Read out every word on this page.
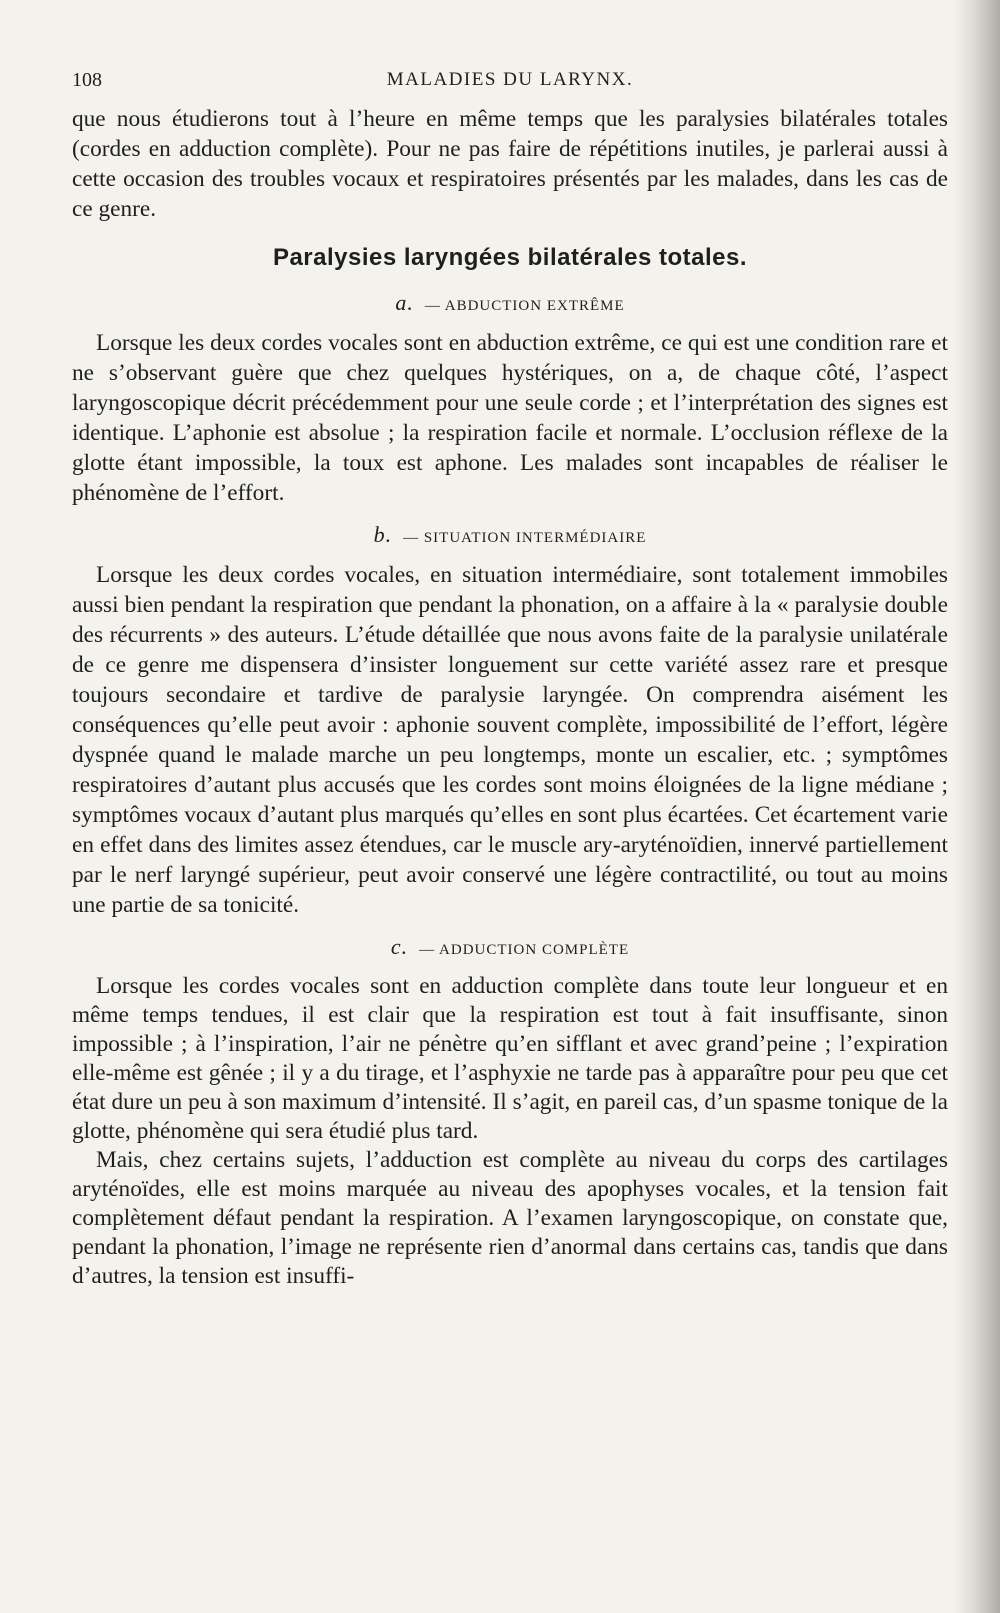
108	MALADIES DU LARYNX.

que nous étudierons tout à l’heure en même temps que les paralysies bilatérales totales (cordes en adduction complète). Pour ne pas faire de répétitions inutiles, je parlerai aussi à cette occasion des troubles vocaux et respiratoires présentés par les malades, dans les cas de ce genre.

Paralysies laryngées bilatérales totales.
a. — ABDUCTION EXTRÊME

Lorsque les deux cordes vocales sont en abduction extrême, ce qui est une condition rare et ne s’observant guère que chez quelques hystériques, on a, de chaque côté, l’aspect laryngoscopique décrit précédemment pour une seule corde ; et l’interprétation des signes est identique. L’aphonie est absolue ; la respiration facile et normale. L’occlusion réflexe de la glotte étant impossible, la toux est aphone. Les malades sont incapables de réaliser le phénomène de l’effort.

b. — SITUATION INTERMÉDIAIRE

Lorsque les deux cordes vocales, en situation intermédiaire, sont totalement immobiles aussi bien pendant la respiration que pendant la phonation, on a affaire à la « paralysie double des récurrents » des auteurs. L’étude détaillée que nous avons faite de la paralysie unilatérale de ce genre me dispensera d’insister longuement sur cette variété assez rare et presque toujours secondaire et tardive de paralysie laryngée. On comprendra aisément les conséquences qu’elle peut avoir : aphonie souvent complète, impossibilité de l’effort, légère dyspnée quand le malade marche un peu longtemps, monte un escalier, etc. ; symptômes respiratoires d’autant plus accusés que les cordes sont moins éloignées de la ligne médiane ; symptômes vocaux d’autant plus marqués qu’elles en sont plus écartées. Cet écartement varie en effet dans des limites assez étendues, car le muscle ary-aryténoïdien, innervé partiellement par le nerf laryngé supérieur, peut avoir conservé une légère contractilité, ou tout au moins une partie de sa tonicité.

c. — ADDUCTION COMPLÈTE

Lorsque les cordes vocales sont en adduction complète dans toute leur longueur et en même temps tendues, il est clair que la respiration est tout à fait insuffisante, sinon impossible ; à l’inspiration, l’air ne pénètre qu’en sifflant et avec grand’peine ; l’expiration elle-même est gênée ; il y a du tirage, et l’asphyxie ne tarde pas à apparaître pour peu que cet état dure un peu à son maximum d’intensité. Il s’agit, en pareil cas, d’un spasme tonique de la glotte, phénomène qui sera étudié plus tard.

Mais, chez certains sujets, l’adduction est complète au niveau du corps des cartilages aryténoïdes, elle est moins marquée au niveau des apophyses vocales, et la tension fait complètement défaut pendant la respiration. A l’examen laryngoscopique, on constate que, pendant la phonation, l’image ne représente rien d’anormal dans certains cas, tandis que dans d’autres, la tension est insuffi-
